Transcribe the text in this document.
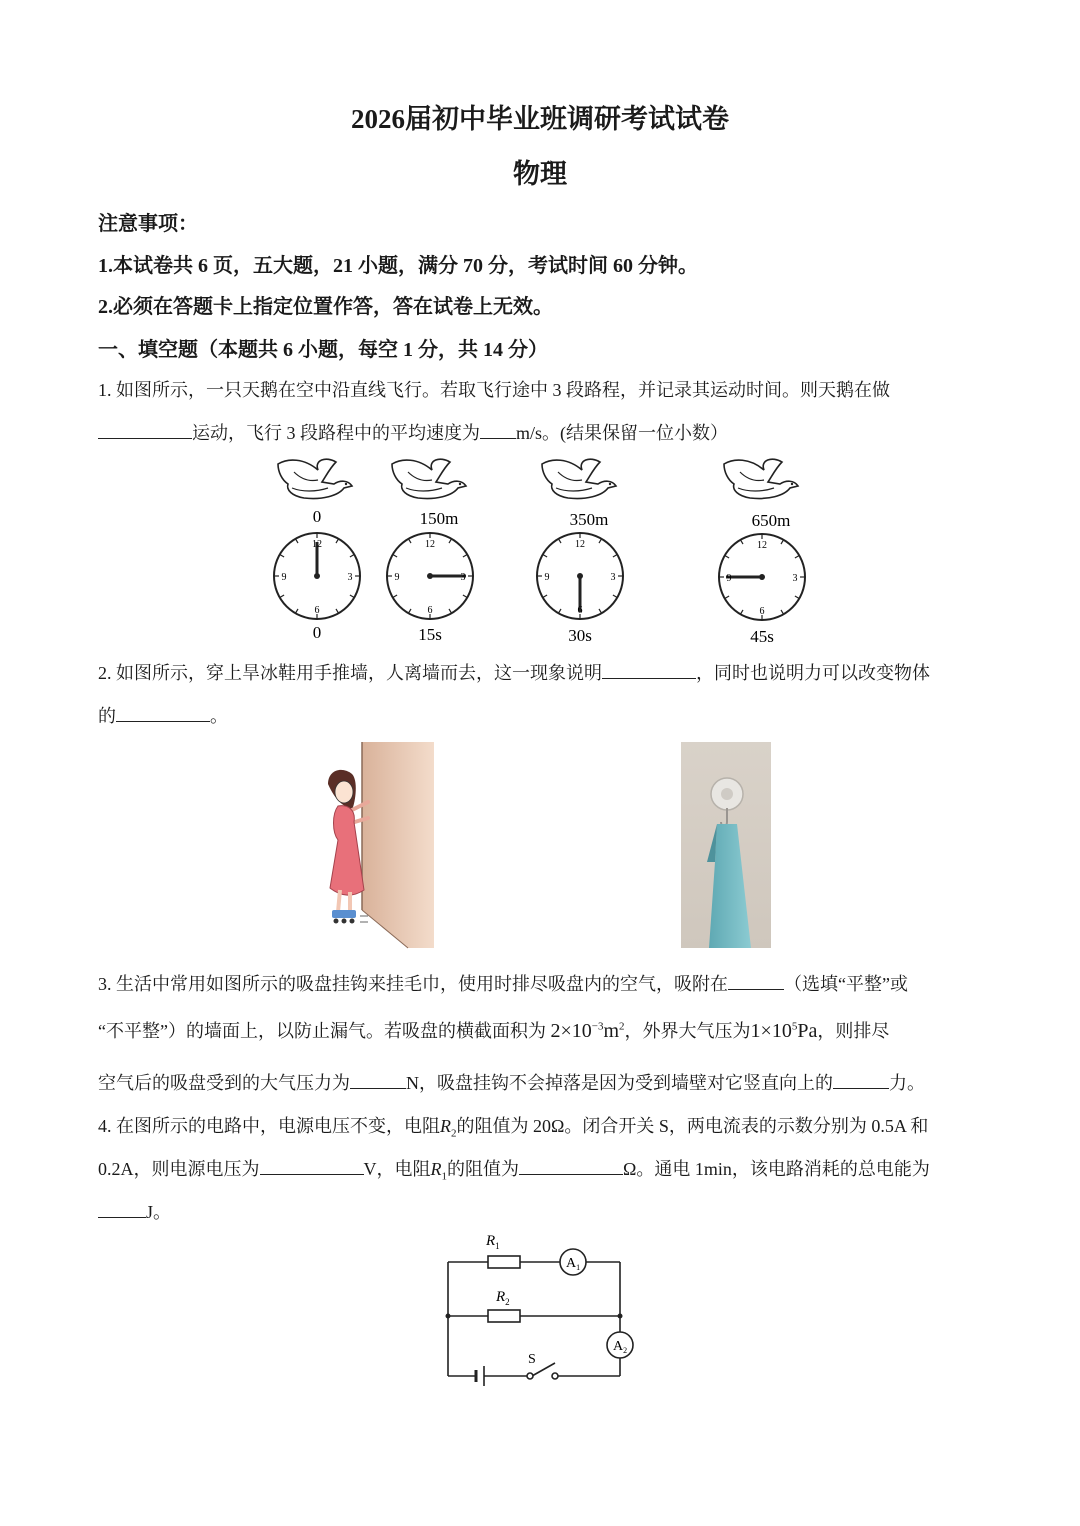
2026届初中毕业班调研考试试卷
物理
注意事项：
1.本试卷共 6 页，五大题，21 小题，满分 70 分，考试时间 60 分钟。
2.必须在答题卡上指定位置作答，答在试卷上无效。
一、填空题（本题共 6 小题，每空 1 分，共 14 分）
1. 如图所示，一只天鹅在空中沿直线飞行。若取飞行途中 3 段路程，并记录其运动时间。则天鹅在做
运动，飞行 3 段路程中的平均速度为 m/s。(结果保留一位小数）
0	150m	350m	650m
12
3
6
9
12
3
6
9
12
3
6
9
12
3
6
9
0	15s	30s	45s
2. 如图所示，穿上旱冰鞋用手推墙，人离墙而去，这一现象说明	，同时也说明力可以改变物体
的	。
3. 生活中常用如图所示的吸盘挂钩来挂毛巾，使用时排尽吸盘内的空气，吸附在	（选填“平整”或
“不平整”）的墙面上，以防止漏气。若吸盘的横截面积为 $2\times 10^{-3}m^2$，外界大气压为$1\times 10^5Pa$，则排尽
空气后的吸盘受到的大气压力为	N，吸盘挂钩不会掉落是因为受到墙壁对它竖直向上的	力。
4. 在图所示的电路中，电源电压不变，电阻$R_2$的阻值为 20Ω。闭合开关 S，两电流表的示数分别为 0.5A 和
0.2A，则电源电压为	V，电阻$R_1$的阻值为	Ω。通电 1min，该电路消耗的总电能为
J。
$R_1$
$R_2$
$A_1$
$A_2$
S
